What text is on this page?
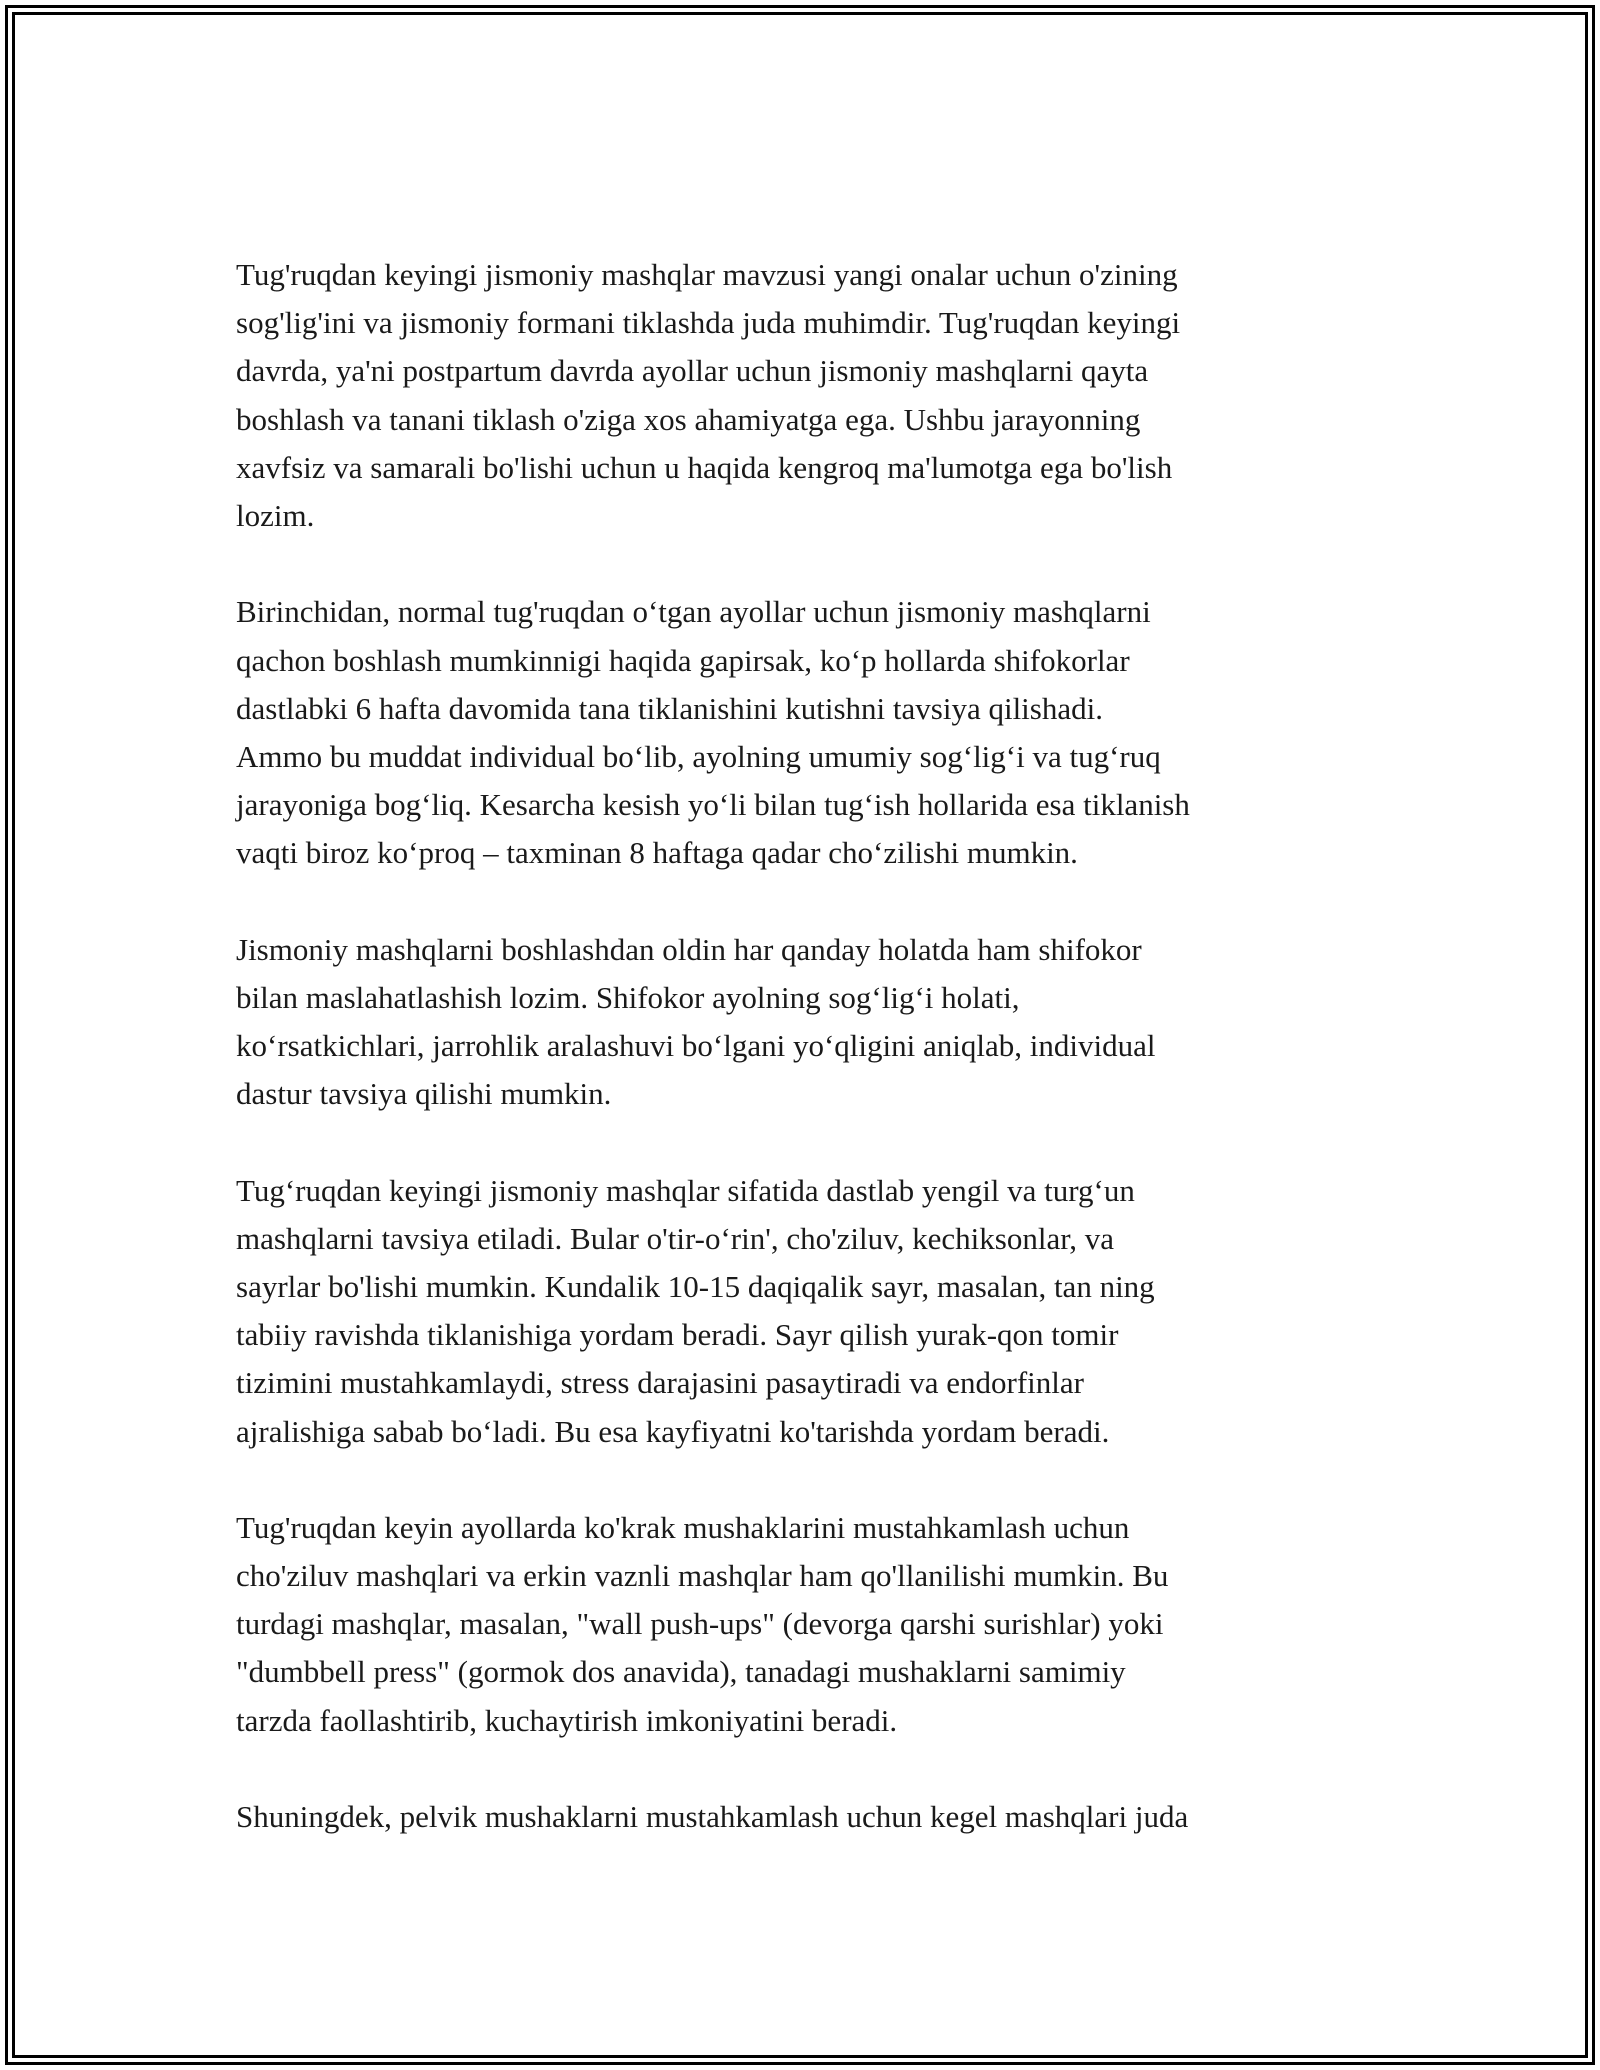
Tug'ruqdan keyingi jismoniy mashqlar mavzusi yangi onalar uchun o'zining
sog'lig'ini va jismoniy formani tiklashda juda muhimdir. Tug'ruqdan keyingi
davrda, ya'ni postpartum davrda ayollar uchun jismoniy mashqlarni qayta
boshlash va tanani tiklash o'ziga xos ahamiyatga ega. Ushbu jarayonning
xavfsiz va samarali bo'lishi uchun u haqida kengroq ma'lumotga ega bo'lish
lozim.

Birinchidan, normal tug'ruqdan o‘tgan ayollar uchun jismoniy mashqlarni
qachon boshlash mumkinnigi haqida gapirsak, ko‘p hollarda shifokorlar
dastlabki 6 hafta davomida tana tiklanishini kutishni tavsiya qilishadi.
Ammo bu muddat individual bo‘lib, ayolning umumiy sog‘lig‘i va tug‘ruq
jarayoniga bog‘liq. Kesarcha kesish yo‘li bilan tug‘ish hollarida esa tiklanish
vaqti biroz ko‘proq – taxminan 8 haftaga qadar cho‘zilishi mumkin.

Jismoniy mashqlarni boshlashdan oldin har qanday holatda ham shifokor
bilan maslahatlashish lozim. Shifokor ayolning sog‘lig‘i holati,
ko‘rsatkichlari, jarrohlik aralashuvi bo‘lgani yo‘qligini aniqlab, individual
dastur tavsiya qilishi mumkin.

Tug‘ruqdan keyingi jismoniy mashqlar sifatida dastlab yengil va turg‘un
mashqlarni tavsiya etiladi. Bular o'tir-o‘rin', cho'ziluv, kechiksonlar, va
sayrlar bo'lishi mumkin. Kundalik 10-15 daqiqalik sayr, masalan, tan ning
tabiiy ravishda tiklanishiga yordam beradi. Sayr qilish yurak-qon tomir
tizimini mustahkamlaydi, stress darajasini pasaytiradi va endorfinlar
ajralishiga sabab bo‘ladi. Bu esa kayfiyatni ko'tarishda yordam beradi.

Tug'ruqdan keyin ayollarda ko'krak mushaklarini mustahkamlash uchun
cho'ziluv mashqlari va erkin vaznli mashqlar ham qo'llanilishi mumkin. Bu
turdagi mashqlar, masalan, "wall push-ups" (devorga qarshi surishlar) yoki
"dumbbell press" (gormok dos anavida), tanadagi mushaklarni samimiy
tarzda faollashtirib, kuchaytirish imkoniyatini beradi.

Shuningdek, pelvik mushaklarni mustahkamlash uchun kegel mashqlari juda
